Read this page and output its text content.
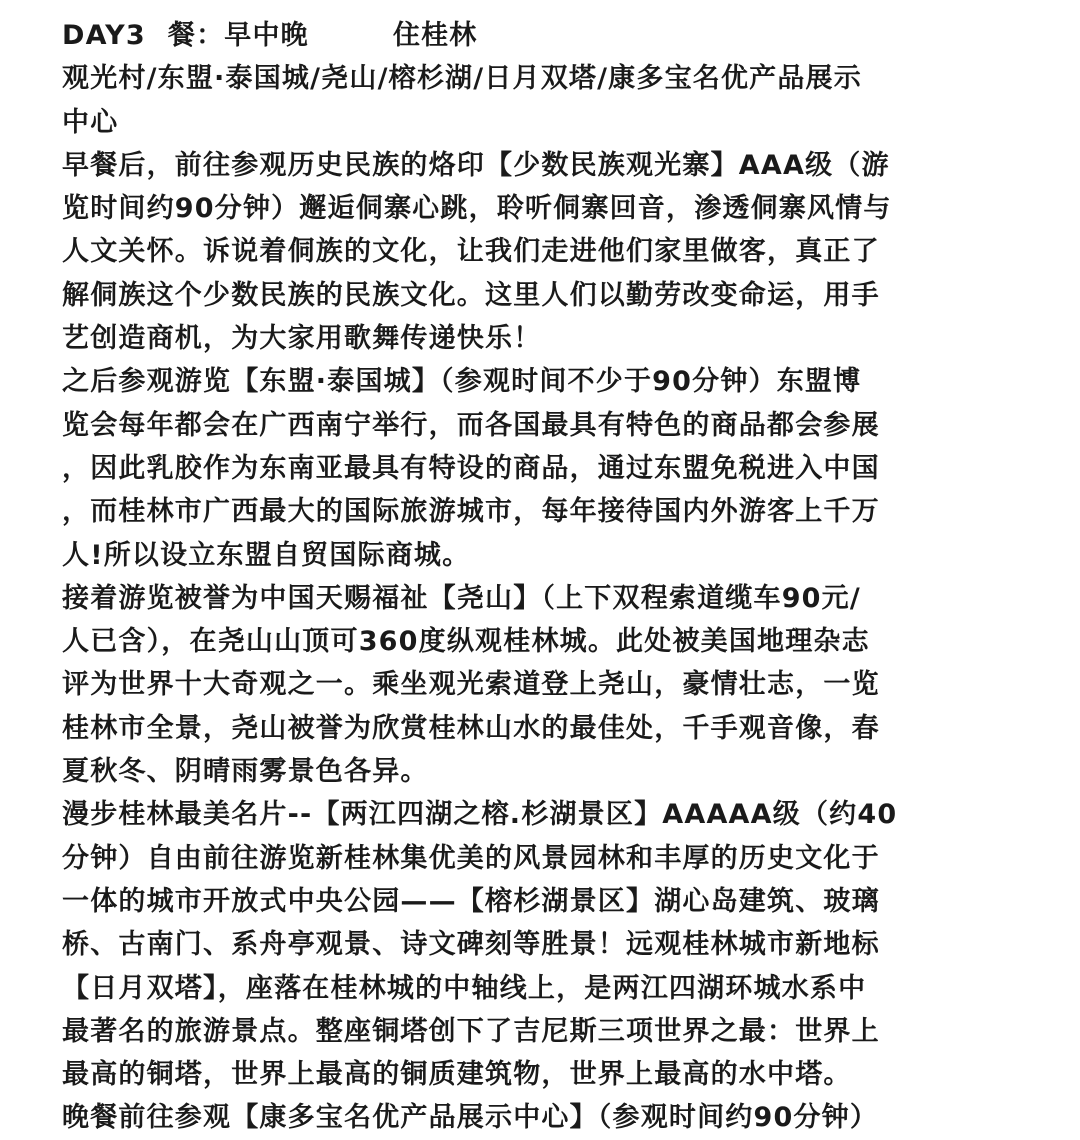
DAY3 餐：早中晚	住桂林
观光村/东盟·泰国城/尧山/榕杉湖/日月双塔/康多宝名优产品展示
中心
早餐后，前往参观历史民族的烙印【少数民族观光寨】AAA级（游
览时间约90分钟）邂逅侗寨心跳，聆听侗寨回音，渗透侗寨风情与
人文关怀。诉说着侗族的文化，让我们走进他们家里做客，真正了
解侗族这个少数民族的民族文化。这里人们以勤劳改变命运，用手
艺创造商机，为大家用歌舞传递快乐！
之后参观游览【东盟·泰国城】（参观时间不少于90分钟）东盟博
览会每年都会在广西南宁举行，而各国最具有特色的商品都会参展
，因此乳胶作为东南亚最具有特设的商品，通过东盟免税进入中国
，而桂林市广西最大的国际旅游城市，每年接待国内外游客上千万
人!所以设立东盟自贸国际商城。
接着游览被誉为中国天赐福祉【尧山】（上下双程索道缆车90元/
人已含），在尧山山顶可360度纵观桂林城。此处被美国地理杂志
评为世界十大奇观之一。乘坐观光索道登上尧山，豪情壮志，一览
桂林市全景，尧山被誉为欣赏桂林山水的最佳处，千手观音像，春
夏秋冬、阴晴雨雾景色各异。
漫步桂林最美名片--【两江四湖之榕.杉湖景区】AAAAA级（约40
分钟）自由前往游览新桂林集优美的风景园林和丰厚的历史文化于
一体的城市开放式中央公园——【榕杉湖景区】湖心岛建筑、玻璃
桥、古南门、系舟亭观景、诗文碑刻等胜景！远观桂林城市新地标
【日月双塔】，座落在桂林城的中轴线上，是两江四湖环城水系中
最著名的旅游景点。整座铜塔创下了吉尼斯三项世界之最：世界上
最高的铜塔，世界上最高的铜质建筑物，世界上最高的水中塔。
晚餐前往参观【康多宝名优产品展示中心】（参观时间约90分钟）
